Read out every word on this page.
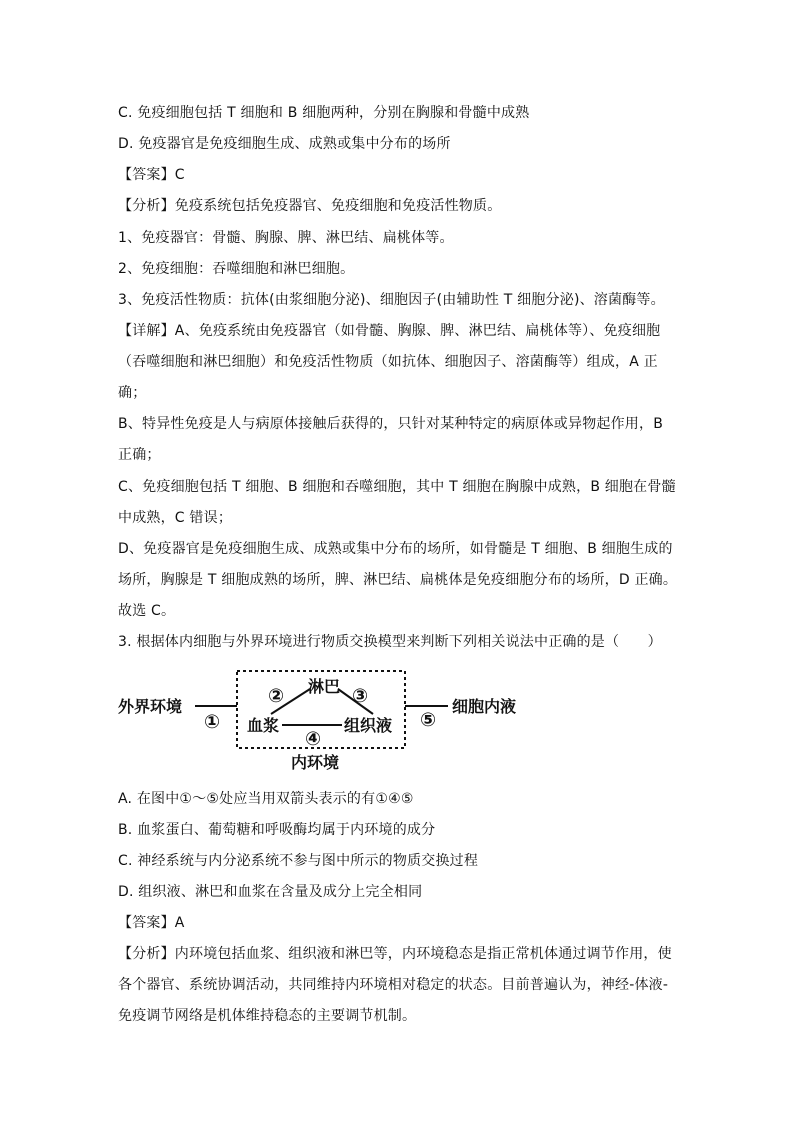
C. 免疫细胞包括 T 细胞和 B 细胞两种，分别在胸腺和骨髓中成熟
D. 免疫器官是免疫细胞生成、成熟或集中分布的场所
【答案】C
【分析】免疫系统包括免疫器官、免疫细胞和免疫活性物质。
1、免疫器官：骨髓、胸腺、脾、淋巴结、扁桃体等。
2、免疫细胞：吞噬细胞和淋巴细胞。
3、免疫活性物质：抗体(由浆细胞分泌)、细胞因子(由辅助性 T 细胞分泌)、溶菌酶等。
【详解】A、免疫系统由免疫器官（如骨髓、胸腺、脾、淋巴结、扁桃体等）、免疫细胞
（吞噬细胞和淋巴细胞）和免疫活性物质（如抗体、细胞因子、溶菌酶等）组成，A 正
确；
B、特异性免疫是人与病原体接触后获得的，只针对某种特定的病原体或异物起作用，B
正确；
C、免疫细胞包括 T 细胞、B 细胞和吞噬细胞，其中 T 细胞在胸腺中成熟，B 细胞在骨髓
中成熟，C 错误；
D、免疫器官是免疫细胞生成、成熟或集中分布的场所，如骨髓是 T 细胞、B 细胞生成的
场所，胸腺是 T 细胞成熟的场所，脾、淋巴结、扁桃体是免疫细胞分布的场所，D 正确。
故选 C。
3. 根据体内细胞与外界环境进行物质交换模型来判断下列相关说法中正确的是（　　）
外界环境
①
② 淋巴 ③
血浆	组织液
④
⑤
细胞内液
内环境
A. 在图中①～⑤处应当用双箭头表示的有①④⑤
B. 血浆蛋白、葡萄糖和呼吸酶均属于内环境的成分
C. 神经系统与内分泌系统不参与图中所示的物质交换过程
D. 组织液、淋巴和血浆在含量及成分上完全相同
【答案】A
【分析】内环境包括血浆、组织液和淋巴等，内环境稳态是指正常机体通过调节作用，使
各个器官、系统协调活动，共同维持内环境相对稳定的状态。目前普遍认为，神经-体液-
免疫调节网络是机体维持稳态的主要调节机制。
